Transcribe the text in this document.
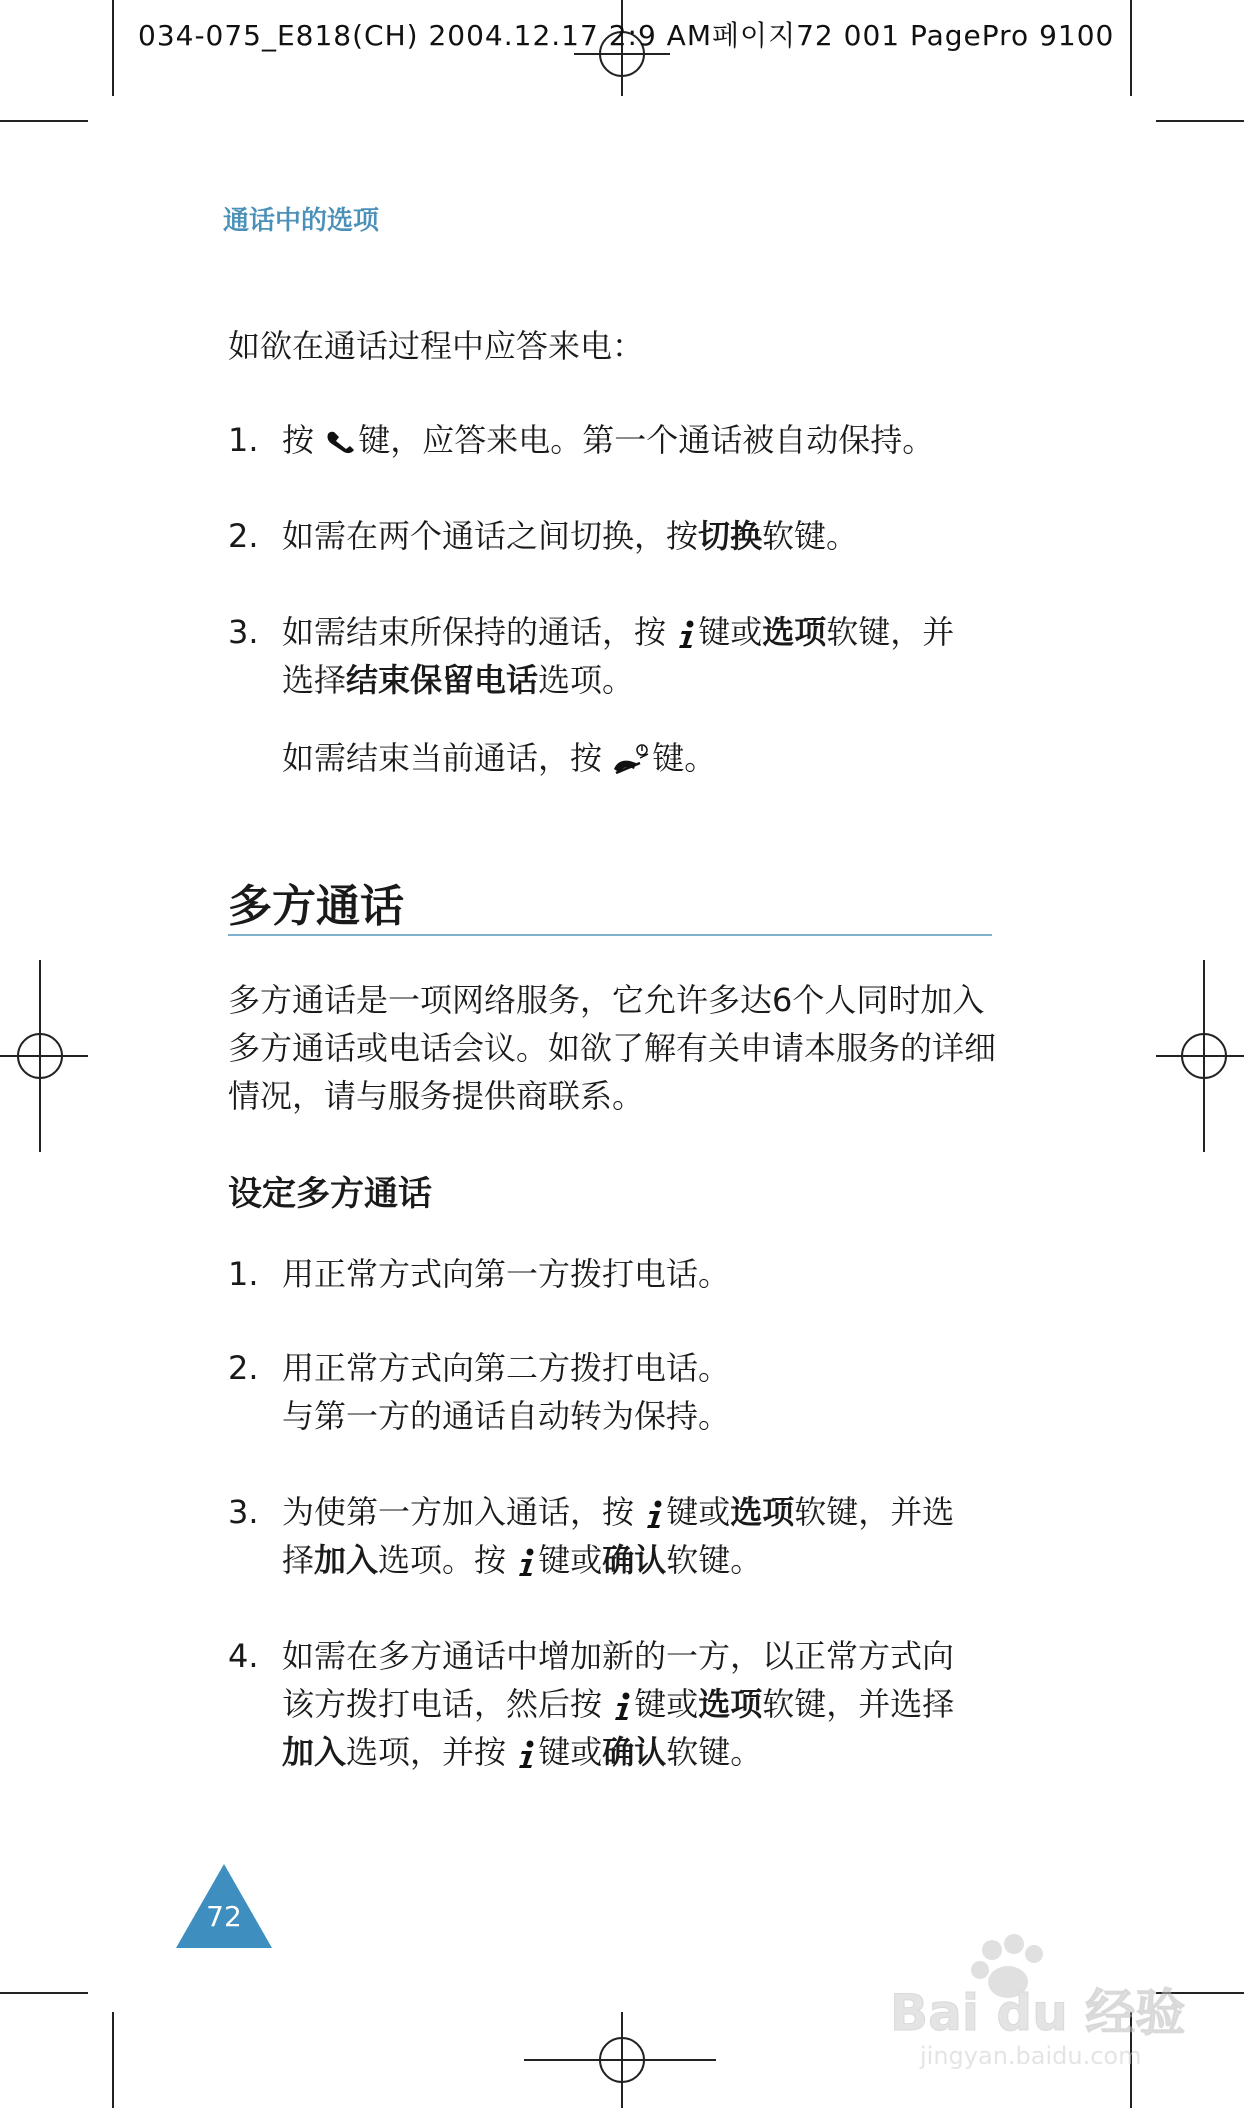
034-075_E818(CH) 2004.12.17 2:9 AM페이지72 001 PagePro 9100
通话中的选项
如欲在通话过程中应答来电：
1. 按 键，应答来电。第一个通话被自动保持。
2. 如需在两个通话之间切换，按切换软键。
3. 如需结束所保持的通话，按 键或选项软键，并
选择结束保留电话选项。
如需结束当前通话，按 键。
多方通话
多方通话是一项网络服务，它允许多达6个人同时加入多方通话或电话会议。如欲了解有关申请本服务的详细情况，请与服务提供商联系。
设定多方通话
1. 用正常方式向第一方拨打电话。
2. 用正常方式向第二方拨打电话。
与第一方的通话自动转为保持。
3. 为使第一方加入通话，按 键或选项软键，并选
择加入选项。按 键或确认软键。
4. 如需在多方通话中增加新的一方，以正常方式向
该方拨打电话，然后按 键或选项软键，并选择
加入选项，并按 键或确认软键。
72
Bai du 经验
jingyan.baidu.com
